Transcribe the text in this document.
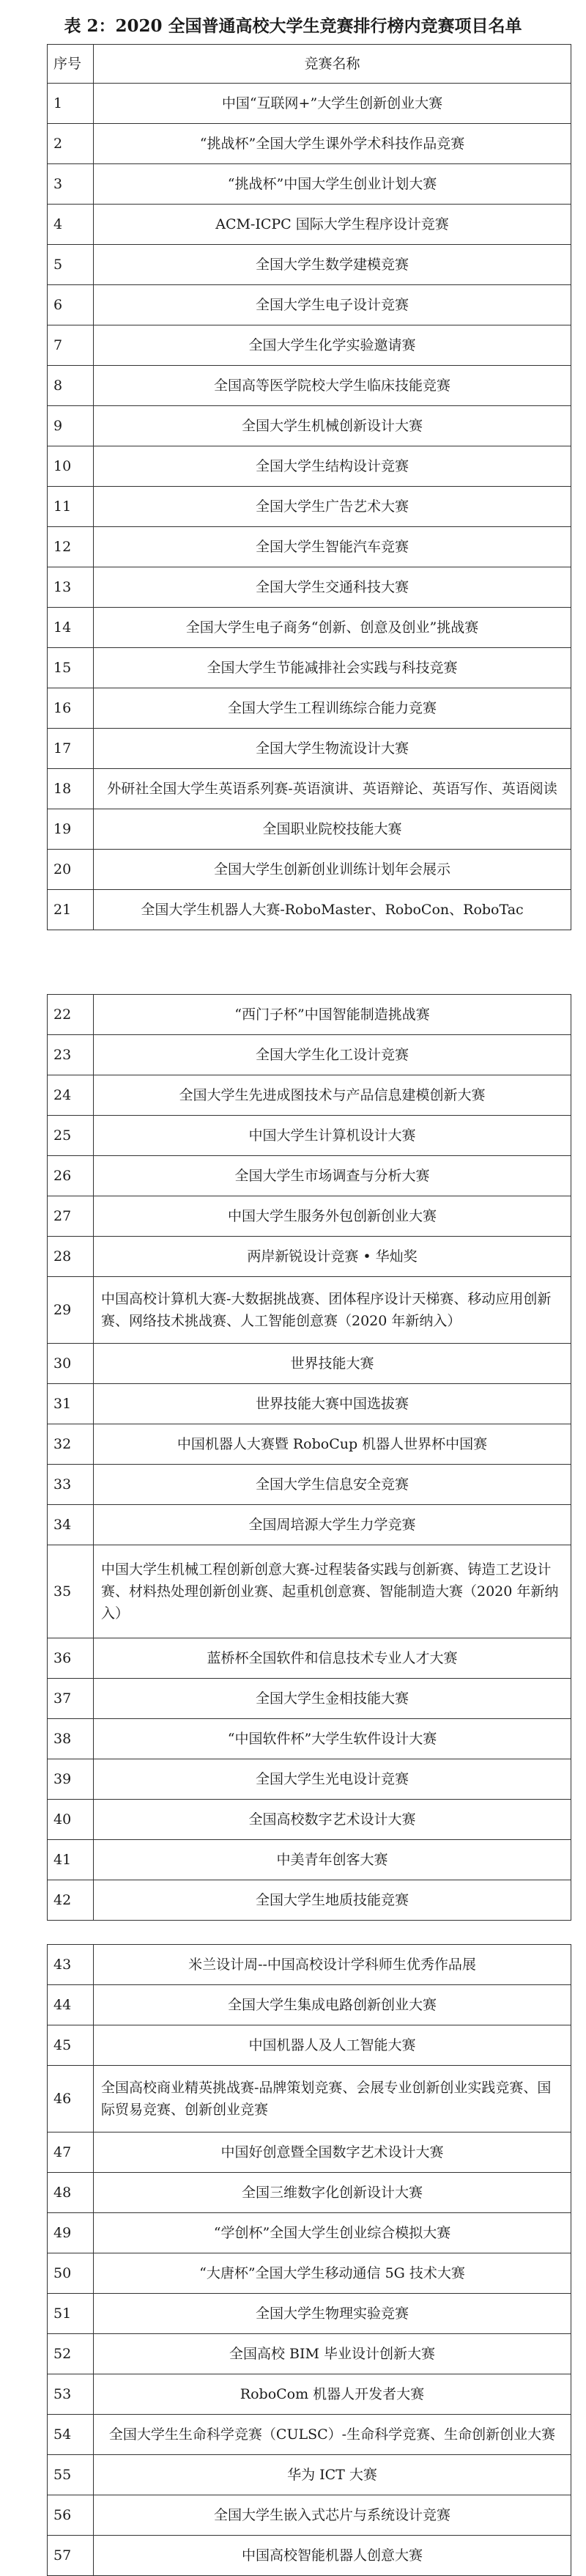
表 2：2020 全国普通高校大学生竞赛排行榜内竞赛项目名单
序号	竞赛名称
1	中国“互联网+”大学生创新创业大赛
2	“挑战杯”全国大学生课外学术科技作品竞赛
3	“挑战杯”中国大学生创业计划大赛
4	ACM-ICPC 国际大学生程序设计竞赛
5	全国大学生数学建模竞赛
6	全国大学生电子设计竞赛
7	全国大学生化学实验邀请赛
8	全国高等医学院校大学生临床技能竞赛
9	全国大学生机械创新设计大赛
10	全国大学生结构设计竞赛
11	全国大学生广告艺术大赛
12	全国大学生智能汽车竞赛
13	全国大学生交通科技大赛
14	全国大学生电子商务“创新、创意及创业”挑战赛
15	全国大学生节能减排社会实践与科技竞赛
16	全国大学生工程训练综合能力竞赛
17	全国大学生物流设计大赛
18	外研社全国大学生英语系列赛-英语演讲、英语辩论、英语写作、英语阅读
19	全国职业院校技能大赛
20	全国大学生创新创业训练计划年会展示
21	全国大学生机器人大赛-RoboMaster、RoboCon、RoboTac
22	“西门子杯”中国智能制造挑战赛
23	全国大学生化工设计竞赛
24	全国大学生先进成图技术与产品信息建模创新大赛
25	中国大学生计算机设计大赛
26	全国大学生市场调查与分析大赛
27	中国大学生服务外包创新创业大赛
28	两岸新锐设计竞赛 • 华灿奖
29	中国高校计算机大赛-大数据挑战赛、团体程序设计天梯赛、移动应用创新赛、网络技术挑战赛、人工智能创意赛（2020 年新纳入）
30	世界技能大赛
31	世界技能大赛中国选拔赛
32	中国机器人大赛暨 RoboCup 机器人世界杯中国赛
33	全国大学生信息安全竞赛
34	全国周培源大学生力学竞赛
35	中国大学生机械工程创新创意大赛-过程装备实践与创新赛、铸造工艺设计赛、材料热处理创新创业赛、起重机创意赛、智能制造大赛（2020 年新纳入）
36	蓝桥杯全国软件和信息技术专业人才大赛
37	全国大学生金相技能大赛
38	“中国软件杯”大学生软件设计大赛
39	全国大学生光电设计竞赛
40	全国高校数字艺术设计大赛
41	中美青年创客大赛
42	全国大学生地质技能竞赛
43	米兰设计周--中国高校设计学科师生优秀作品展
44	全国大学生集成电路创新创业大赛
45	中国机器人及人工智能大赛
46	全国高校商业精英挑战赛-品牌策划竞赛、会展专业创新创业实践竞赛、国际贸易竞赛、创新创业竞赛
47	中国好创意暨全国数字艺术设计大赛
48	全国三维数字化创新设计大赛
49	“学创杯”全国大学生创业综合模拟大赛
50	“大唐杯”全国大学生移动通信 5G 技术大赛
51	全国大学生物理实验竞赛
52	全国高校 BIM 毕业设计创新大赛
53	RoboCom 机器人开发者大赛
54	全国大学生生命科学竞赛（CULSC）-生命科学竞赛、生命创新创业大赛
55	华为 ICT 大赛
56	全国大学生嵌入式芯片与系统设计竞赛
57	中国高校智能机器人创意大赛
